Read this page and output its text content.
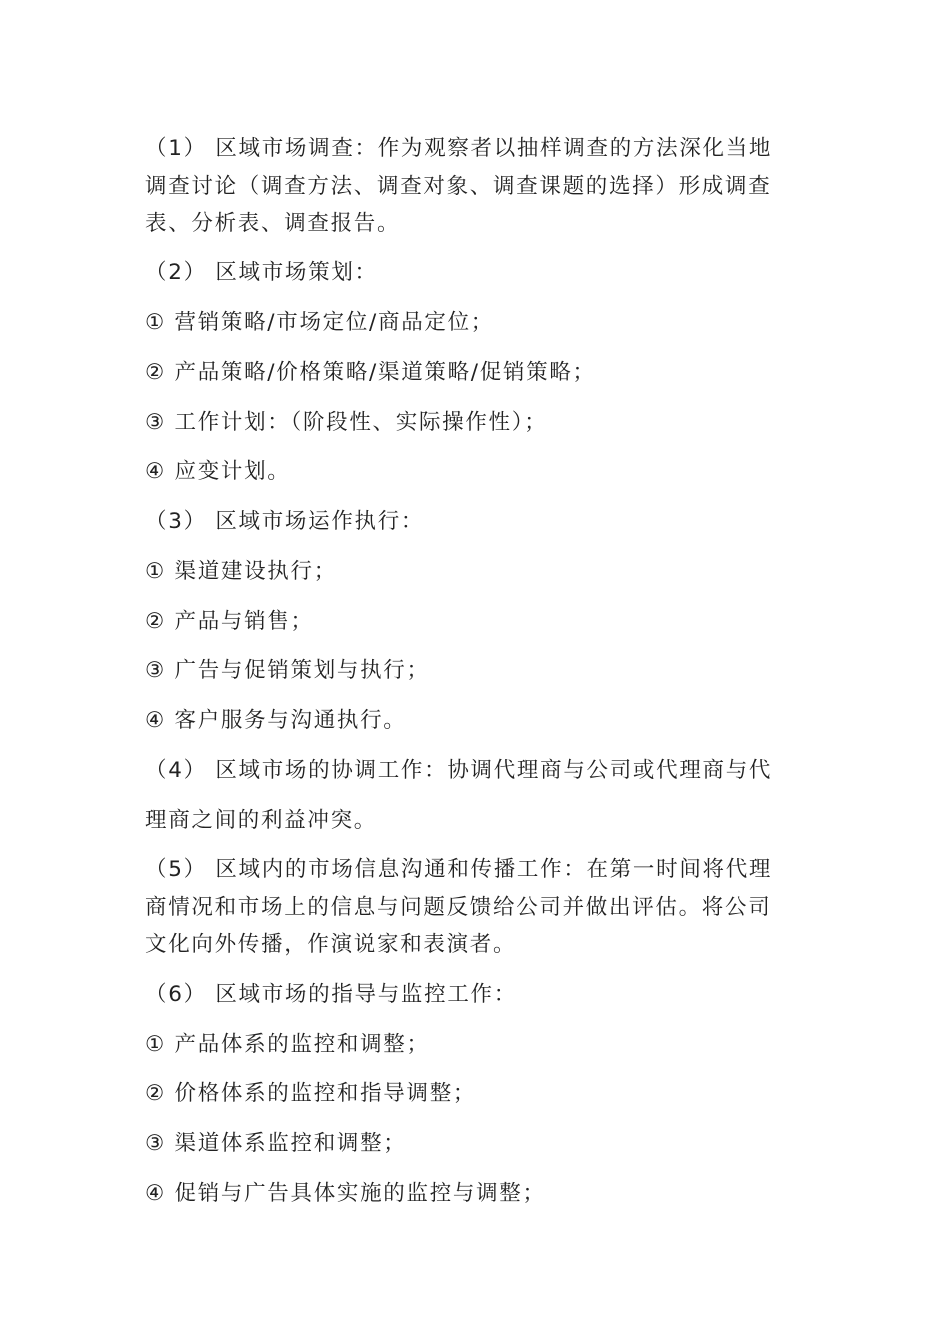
（1） 区域市场调查：作为观察者以抽样调查的方法深化当地
调查讨论（调查方法、调查对象、调查课题的选择）形成调查
表、分析表、调查报告。
（2） 区域市场策划：
① 营销策略/市场定位/商品定位；
② 产品策略/价格策略/渠道策略/促销策略；
③ 工作计划：（阶段性、实际操作性）；
④ 应变计划。
（3） 区域市场运作执行：
① 渠道建设执行；
② 产品与销售；
③ 广告与促销策划与执行；
④ 客户服务与沟通执行。
（4） 区域市场的协调工作：协调代理商与公司或代理商与代
理商之间的利益冲突。
（5） 区域内的市场信息沟通和传播工作：在第一时间将代理
商情况和市场上的信息与问题反馈给公司并做出评估。将公司
文化向外传播，作演说家和表演者。
（6） 区域市场的指导与监控工作：
① 产品体系的监控和调整；
② 价格体系的监控和指导调整；
③ 渠道体系监控和调整；
④ 促销与广告具体实施的监控与调整；
